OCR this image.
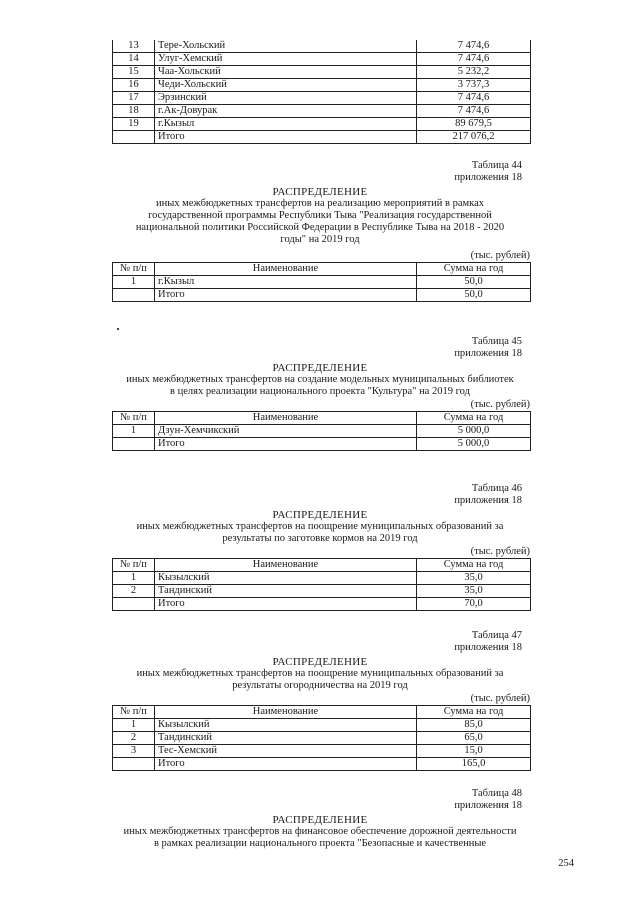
13	Тере-Хольский	7 474,6
14	Улуг-Хемский	7 474,6
15	Чаа-Хольский	5 232,2
16	Чеди-Хольский	3 737,3
17	Эрзинский	7 474,6
18	г.Ак-Довурак	7 474,6
19	г.Кызыл	89 679,5
	Итого	217 076,2
Таблица 44
приложения 18
РАСПРЕДЕЛЕНИЕ
иных межбюджетных трансфертов на реализацию мероприятий в рамках
государственной программы Республики Тыва "Реализация государственной
национальной политики Российской Федерации в Республике Тыва на 2018 - 2020
годы" на 2019 год
(тыс. рублей)
№ п/п	Наименование	Сумма на год
1	г.Кызыл	50,0
	Итого	50,0
Таблица 45
приложения 18
РАСПРЕДЕЛЕНИЕ
иных межбюджетных трансфертов на создание модельных муниципальных библиотек
в целях реализации национального проекта "Культура" на 2019 год
(тыс. рублей)
№ п/п	Наименование	Сумма на год
1	Дзун-Хемчикский	5 000,0
	Итого	5 000,0
Таблица 46
приложения 18
РАСПРЕДЕЛЕНИЕ
иных межбюджетных трансфертов на поощрение муниципальных образований за
результаты по заготовке кормов на 2019 год
(тыс. рублей)
№ п/п	Наименование	Сумма на год
1	Кызылский	35,0
2	Тандинский	35,0
	Итого	70,0
Таблица 47
приложения 18
РАСПРЕДЕЛЕНИЕ
иных межбюджетных трансфертов на поощрение муниципальных образований за
результаты огородничества на 2019 год
(тыс. рублей)
№ п/п	Наименование	Сумма на год
1	Кызылский	85,0
2	Тандинский	65,0
3	Тес-Хемский	15,0
	Итого	165,0
Таблица 48
приложения 18
РАСПРЕДЕЛЕНИЕ
иных межбюджетных трансфертов на финансовое обеспечение дорожной деятельности
в рамках реализации национального проекта "Безопасные и качественные
254
